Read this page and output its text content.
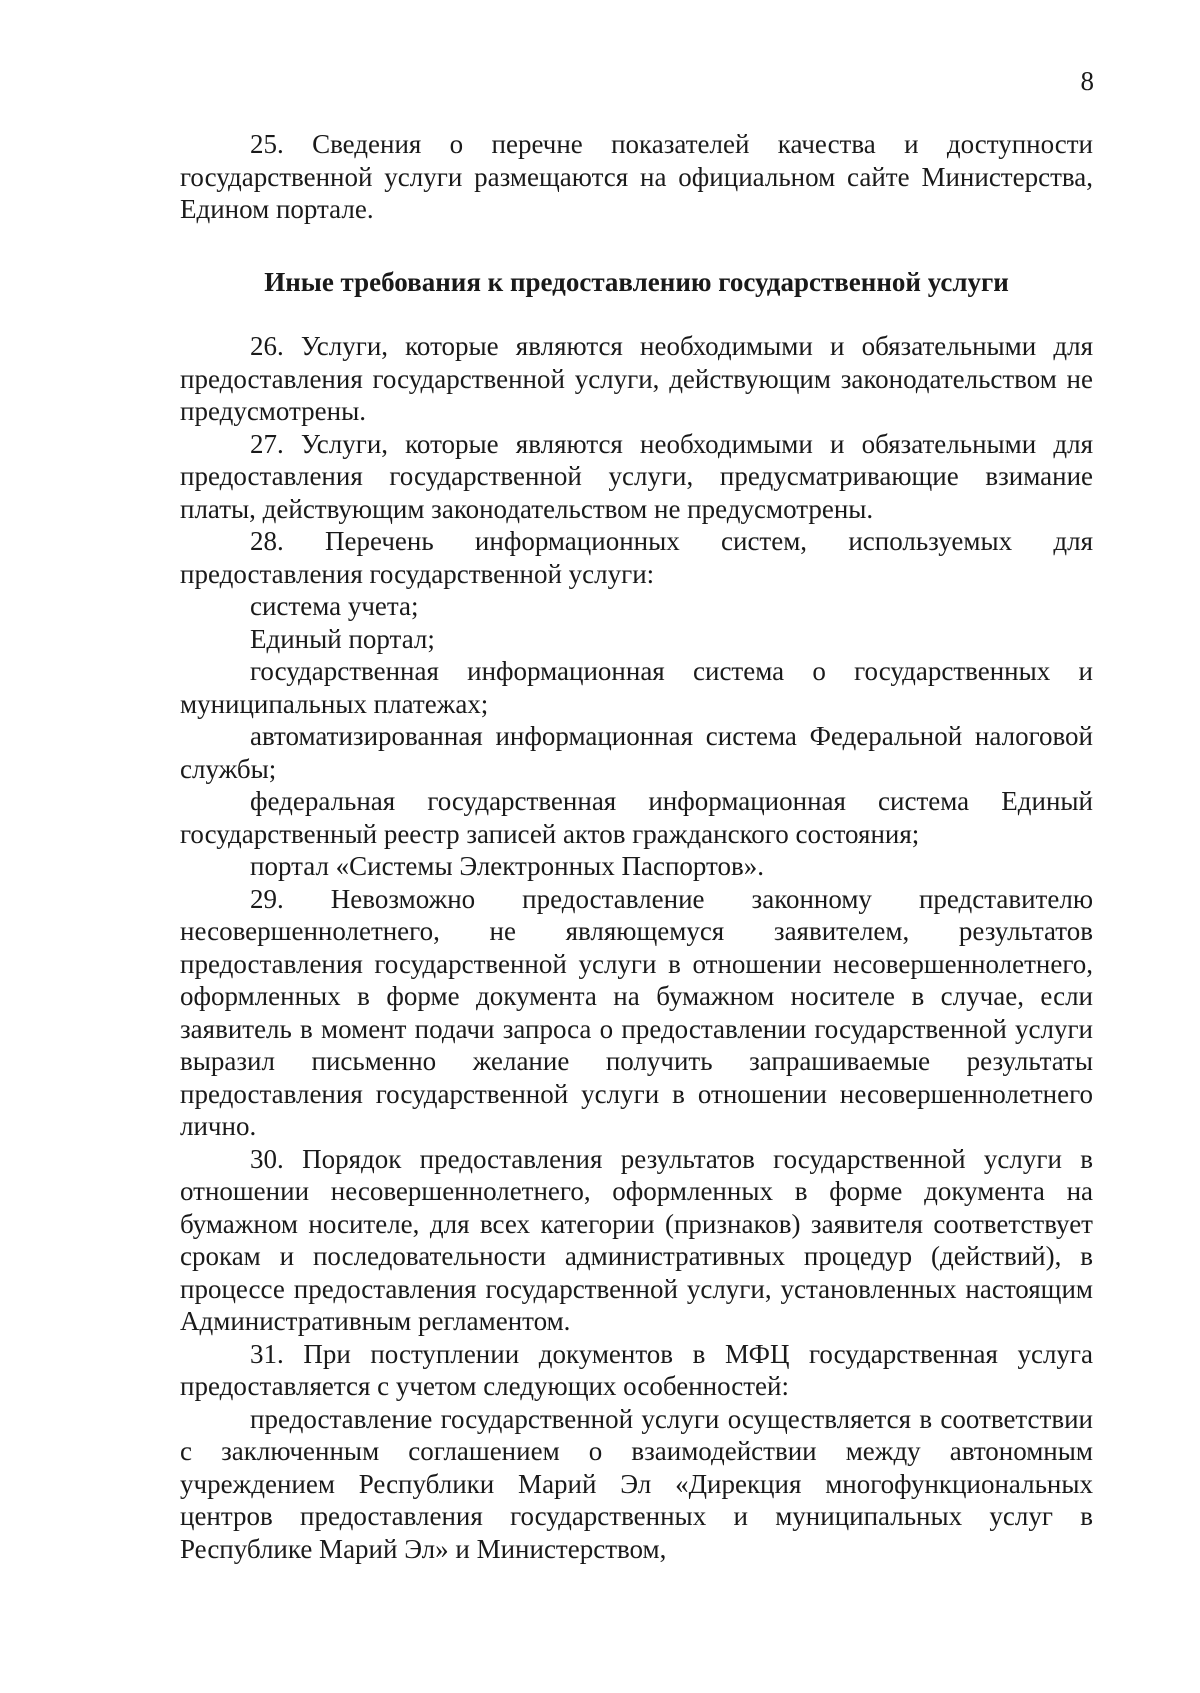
8

25. Сведения о перечне показателей качества и доступности государственной услуги размещаются на официальном сайте Министерства, Едином портале.

Иные требования к предоставлению государственной услуги

26. Услуги, которые являются необходимыми и обязательными для предоставления государственной услуги, действующим законодательством не предусмотрены.

27. Услуги, которые являются необходимыми и обязательными для предоставления государственной услуги, предусматривающие взимание платы, действующим законодательством не предусмотрены.

28. Перечень информационных систем, используемых для предоставления государственной услуги:

система учета;

Единый портал;

государственная информационная система о государственных и муниципальных платежах;

автоматизированная информационная система Федеральной налоговой службы;

федеральная государственная информационная система Единый государственный реестр записей актов гражданского состояния;

портал «Системы Электронных Паспортов».

29. Невозможно предоставление законному представителю несовершеннолетнего, не являющемуся заявителем, результатов предоставления государственной услуги в отношении несовершеннолетнего, оформленных в форме документа на бумажном носителе в случае, если заявитель в момент подачи запроса о предоставлении государственной услуги выразил письменно желание получить запрашиваемые результаты предоставления государственной услуги в отношении несовершеннолетнего лично.

30. Порядок предоставления результатов государственной услуги в отношении несовершеннолетнего, оформленных в форме документа на бумажном носителе, для всех категории (признаков) заявителя соответствует срокам и последовательности административных процедур (действий), в процессе предоставления государственной услуги, установленных настоящим Административным регламентом.

31. При поступлении документов в МФЦ государственная услуга предоставляется с учетом следующих особенностей:

предоставление государственной услуги осуществляется в соответствии с заключенным соглашением о взаимодействии между автономным учреждением Республики Марий Эл «Дирекция многофункциональных центров предоставления государственных и муниципальных услуг в Республике Марий Эл» и Министерством,
